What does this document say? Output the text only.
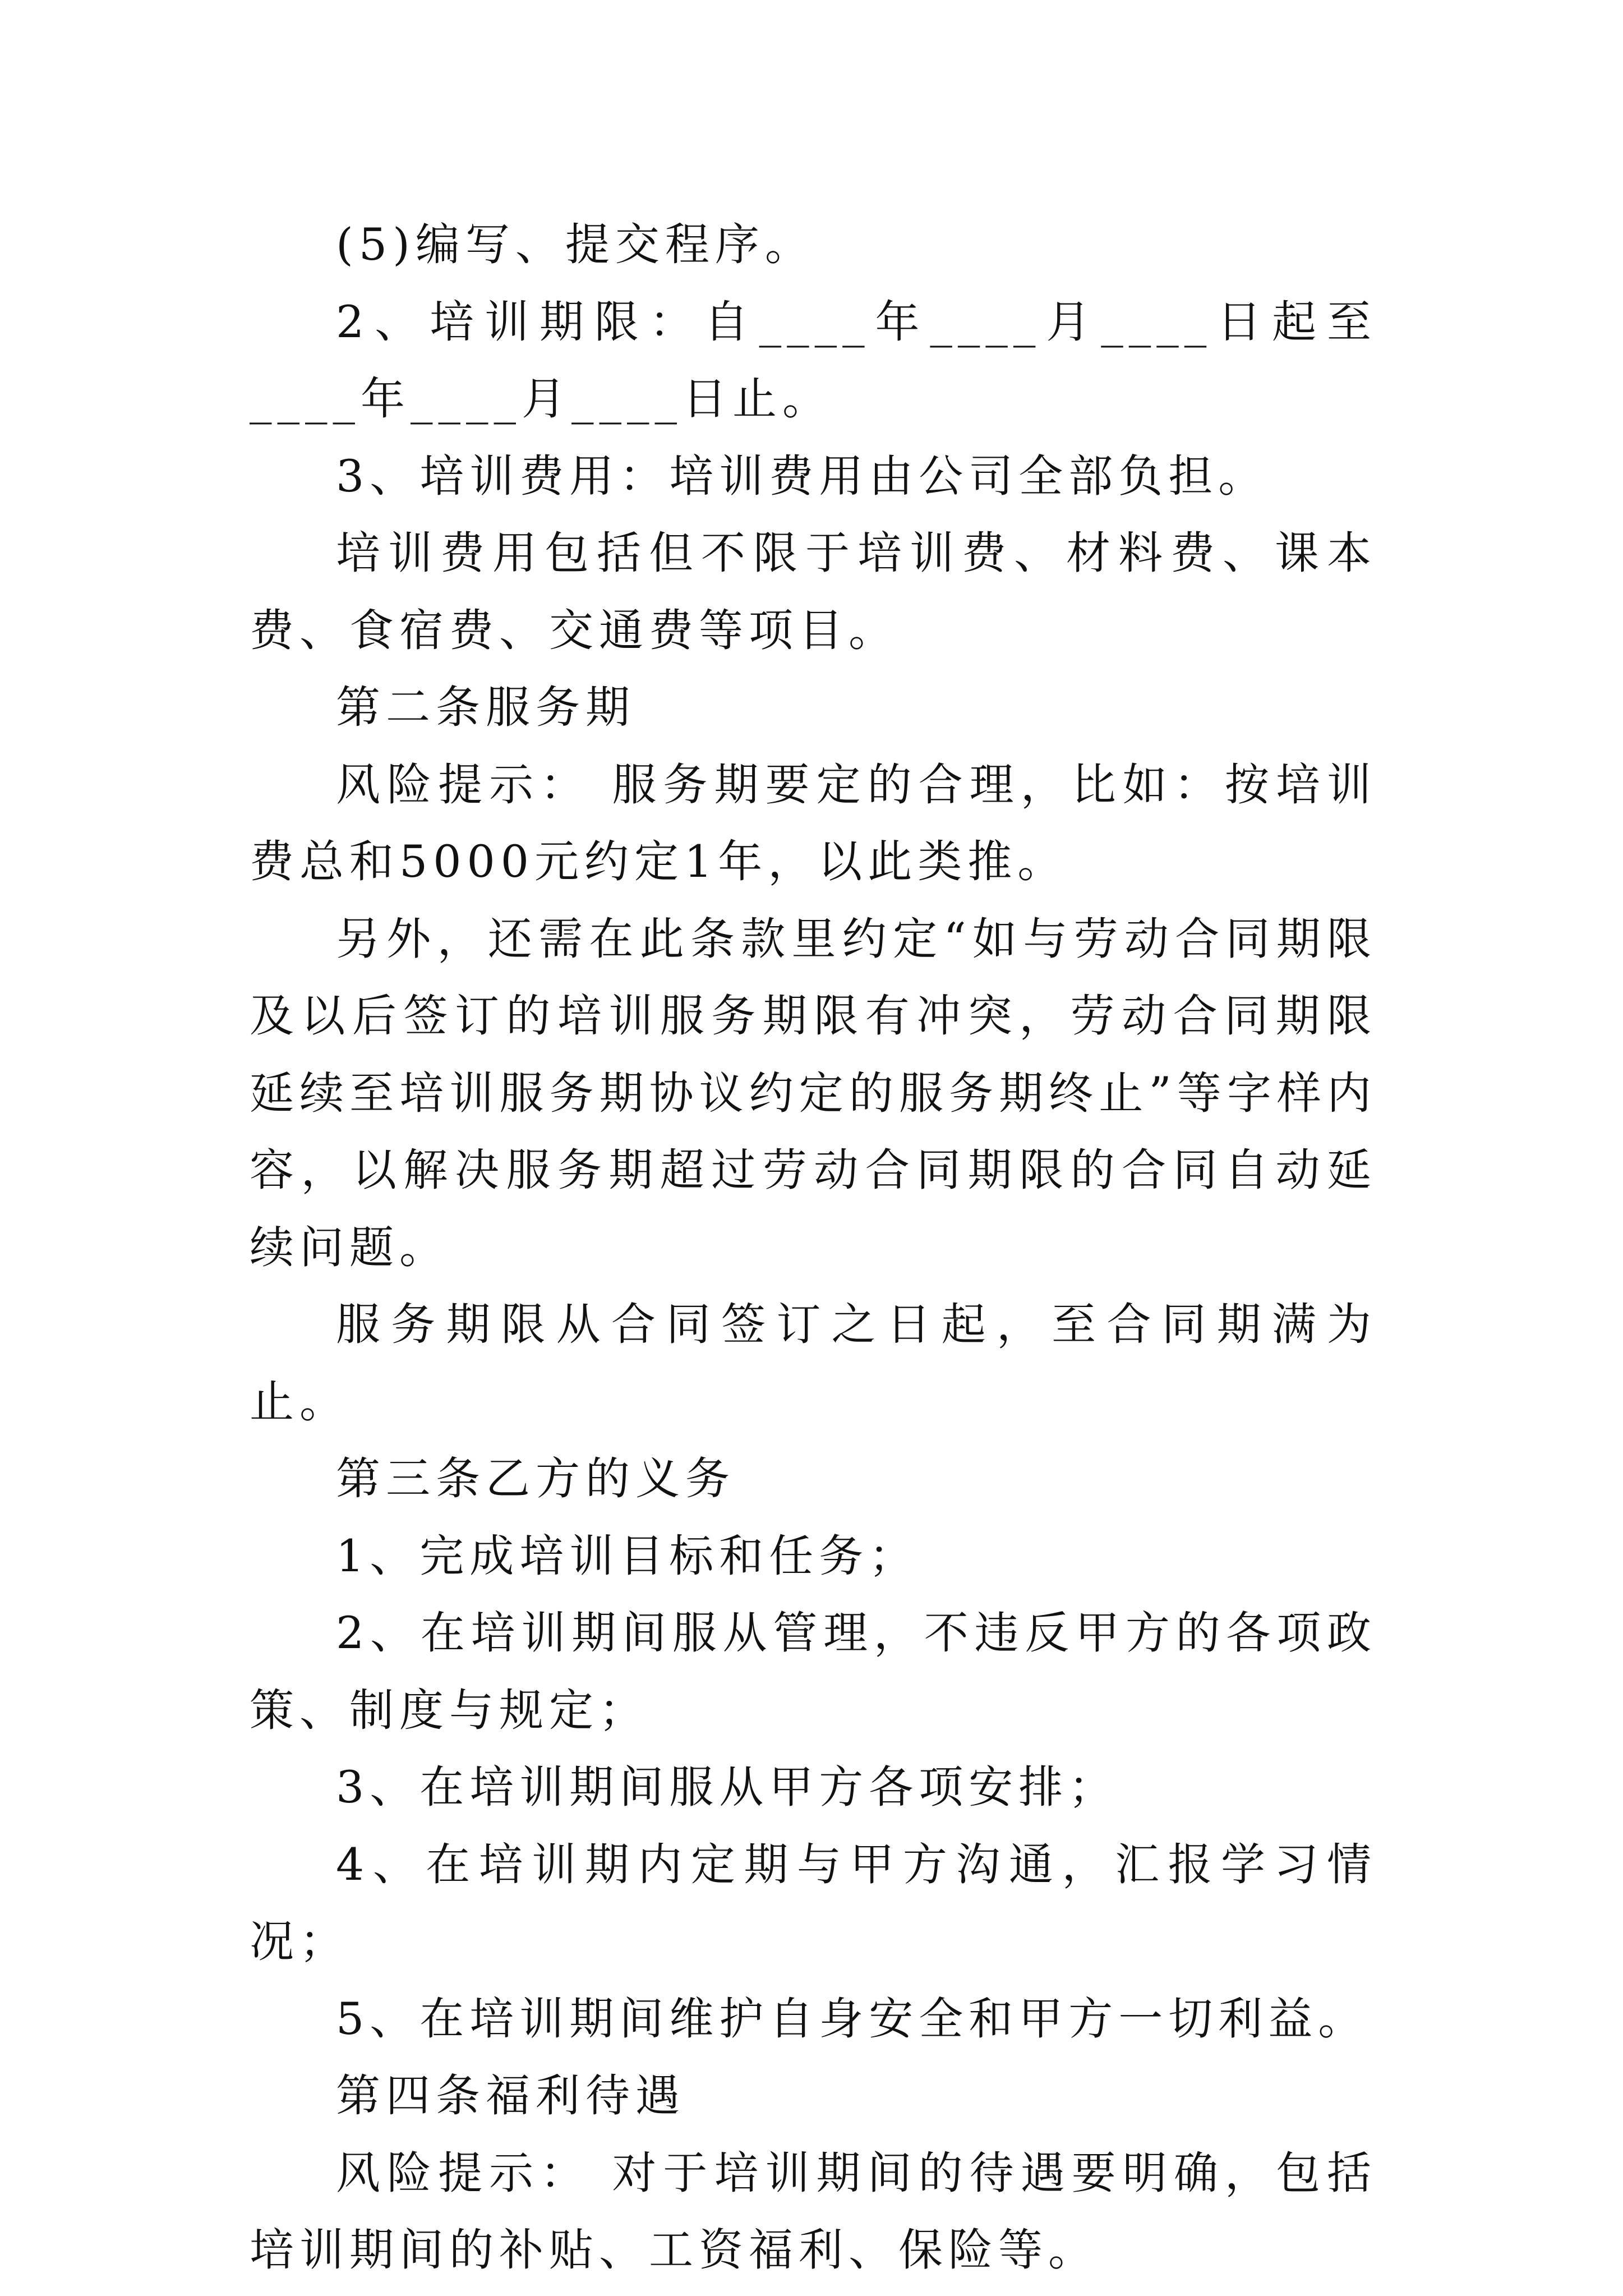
(5)编写、提交程序。

2、培训期限：自____年____月____日起至____年____月____日止。

3、培训费用：培训费用由公司全部负担。

培训费用包括但不限于培训费、材料费、课本费、食宿费、交通费等项目。

第二条服务期

风险提示： 服务期要定的合理，比如：按培训费总和5000元约定1年，以此类推。

另外，还需在此条款里约定“如与劳动合同期限及以后签订的培训服务期限有冲突，劳动合同期限延续至培训服务期协议约定的服务期终止”等字样内容，以解决服务期超过劳动合同期限的合同自动延续问题。

服务期限从合同签订之日起，至合同期满为止。

第三条乙方的义务

1、完成培训目标和任务；

2、在培训期间服从管理，不违反甲方的各项政策、制度与规定；

3、在培训期间服从甲方各项安排；

4、在培训期内定期与甲方沟通，汇报学习情况；

5、在培训期间维护自身安全和甲方一切利益。

第四条福利待遇

风险提示： 对于培训期间的待遇要明确，包括培训期间的补贴、工资福利、保险等。
